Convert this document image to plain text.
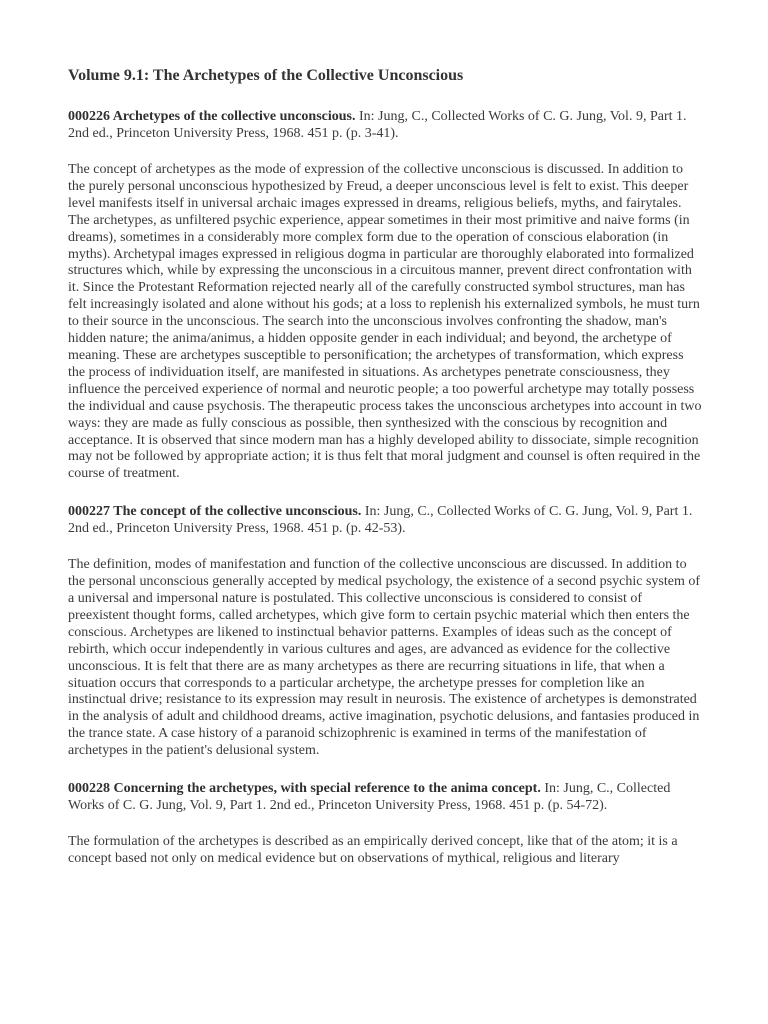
Volume 9.1: The Archetypes of the Collective Unconscious
000226 Archetypes of the collective unconscious. In: Jung, C., Collected Works of C. G. Jung, Vol. 9, Part 1. 2nd ed., Princeton University Press, 1968. 451 p. (p. 3-41).
The concept of archetypes as the mode of expression of the collective unconscious is discussed. In addition to the purely personal unconscious hypothesized by Freud, a deeper unconscious level is felt to exist. This deeper level manifests itself in universal archaic images expressed in dreams, religious beliefs, myths, and fairytales. The archetypes, as unfiltered psychic experience, appear sometimes in their most primitive and naive forms (in dreams), sometimes in a considerably more complex form due to the operation of conscious elaboration (in myths). Archetypal images expressed in religious dogma in particular are thoroughly elaborated into formalized structures which, while by expressing the unconscious in a circuitous manner, prevent direct confrontation with it. Since the Protestant Reformation rejected nearly all of the carefully constructed symbol structures, man has felt increasingly isolated and alone without his gods; at a loss to replenish his externalized symbols, he must turn to their source in the unconscious. The search into the unconscious involves confronting the shadow, man's hidden nature; the anima/animus, a hidden opposite gender in each individual; and beyond, the archetype of meaning. These are archetypes susceptible to personification; the archetypes of transformation, which express the process of individuation itself, are manifested in situations. As archetypes penetrate consciousness, they influence the perceived experience of normal and neurotic people; a too powerful archetype may totally possess the individual and cause psychosis. The therapeutic process takes the unconscious archetypes into account in two ways: they are made as fully conscious as possible, then synthesized with the conscious by recognition and acceptance. It is observed that since modern man has a highly developed ability to dissociate, simple recognition may not be followed by appropriate action; it is thus felt that moral judgment and counsel is often required in the course of treatment.
000227 The concept of the collective unconscious. In: Jung, C., Collected Works of C. G. Jung, Vol. 9, Part 1. 2nd ed., Princeton University Press, 1968. 451 p. (p. 42-53).
The definition, modes of manifestation and function of the collective unconscious are discussed. In addition to the personal unconscious generally accepted by medical psychology, the existence of a second psychic system of a universal and impersonal nature is postulated. This collective unconscious is considered to consist of preexistent thought forms, called archetypes, which give form to certain psychic material which then enters the conscious. Archetypes are likened to instinctual behavior patterns. Examples of ideas such as the concept of rebirth, which occur independently in various cultures and ages, are advanced as evidence for the collective unconscious. It is felt that there are as many archetypes as there are recurring situations in life, that when a situation occurs that corresponds to a particular archetype, the archetype presses for completion like an instinctual drive; resistance to its expression may result in neurosis. The existence of archetypes is demonstrated in the analysis of adult and childhood dreams, active imagination, psychotic delusions, and fantasies produced in the trance state. A case history of a paranoid schizophrenic is examined in terms of the manifestation of archetypes in the patient's delusional system.
000228 Concerning the archetypes, with special reference to the anima concept. In: Jung, C., Collected Works of C. G. Jung, Vol. 9, Part 1. 2nd ed., Princeton University Press, 1968. 451 p. (p. 54-72).
The formulation of the archetypes is described as an empirically derived concept, like that of the atom; it is a concept based not only on medical evidence but on observations of mythical, religious and literary
